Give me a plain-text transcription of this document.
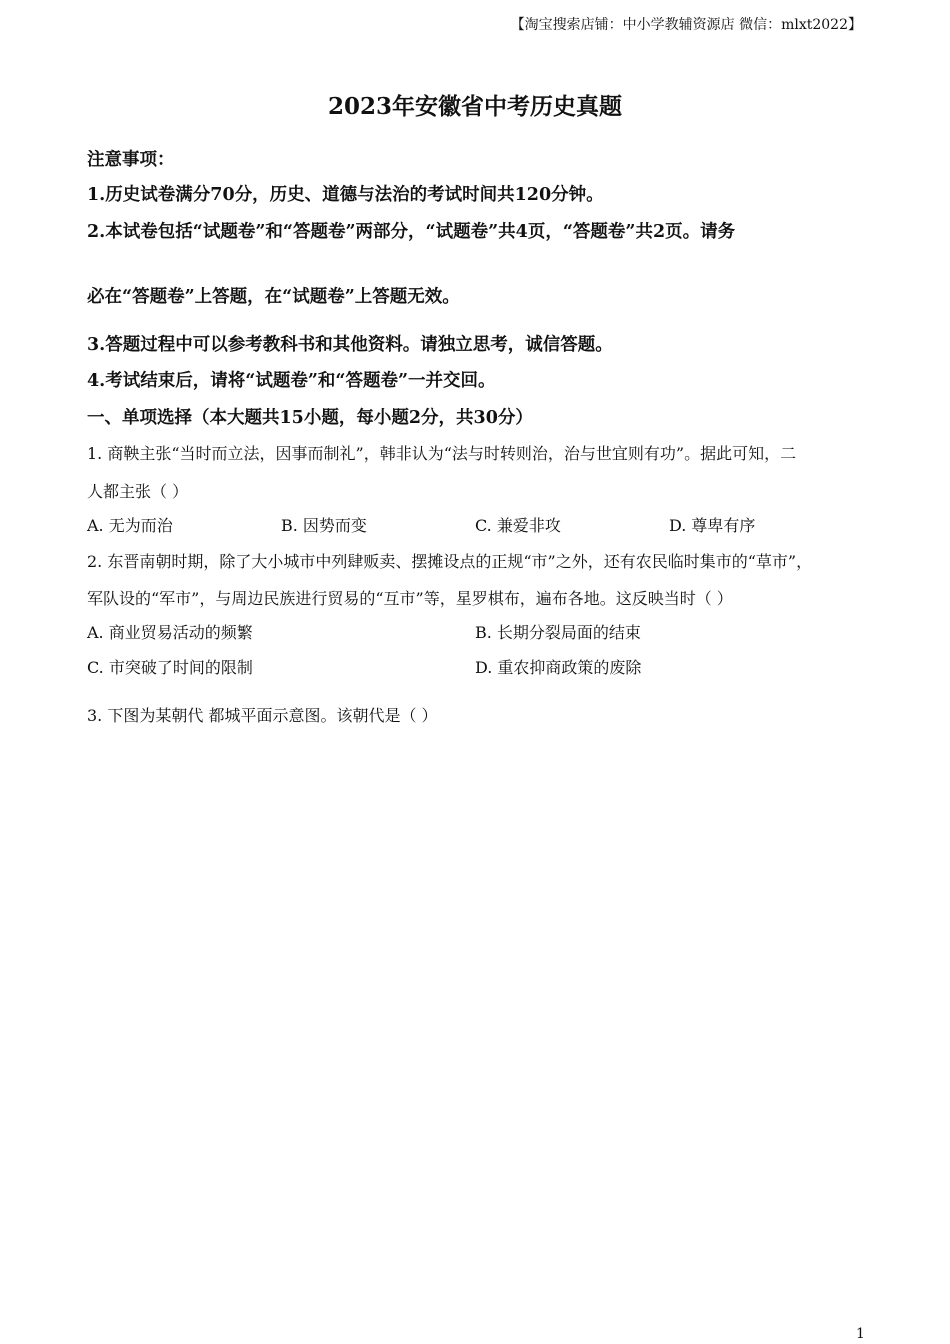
【淘宝搜索店铺：中小学教辅资源店 微信：mlxt2022】
2023年安徽省中考历史真题
注意事项：
1.历史试卷满分70分，历史、道德与法治的考试时间共120分钟。
2.本试卷包括“试题卷”和“答题卷”两部分，“试题卷”共4页，“答题卷”共2页。请务
必在“答题卷”上答题，在“试题卷”上答题无效。
3.答题过程中可以参考教科书和其他资料。请独立思考，诚信答题。
4.考试结束后，请将“试题卷”和“答题卷”一并交回。
一、单项选择（本大题共15小题，每小题2分，共30分）
1. 商鞅主张“当时而立法，因事而制礼”，韩非认为“法与时转则治，治与世宜则有功”。据此可知，二
人都主张（ ）
A. 无为而治	B. 因势而变	C. 兼爱非攻	D. 尊卑有序
2. 东晋南朝时期，除了大小城市中列肆贩卖、摆摊设点的正规“市”之外，还有农民临时集市的“草市”，
军队设的“军市”，与周边民族进行贸易的“互市”等，星罗棋布，遍布各地。这反映当时（ ）
A. 商业贸易活动的频繁	B. 长期分裂局面的结束
C. 市突破了时间的限制	D. 重农抑商政策的废除
3. 下图为某朝代 都城平面示意图。该朝代是（ ）
1
